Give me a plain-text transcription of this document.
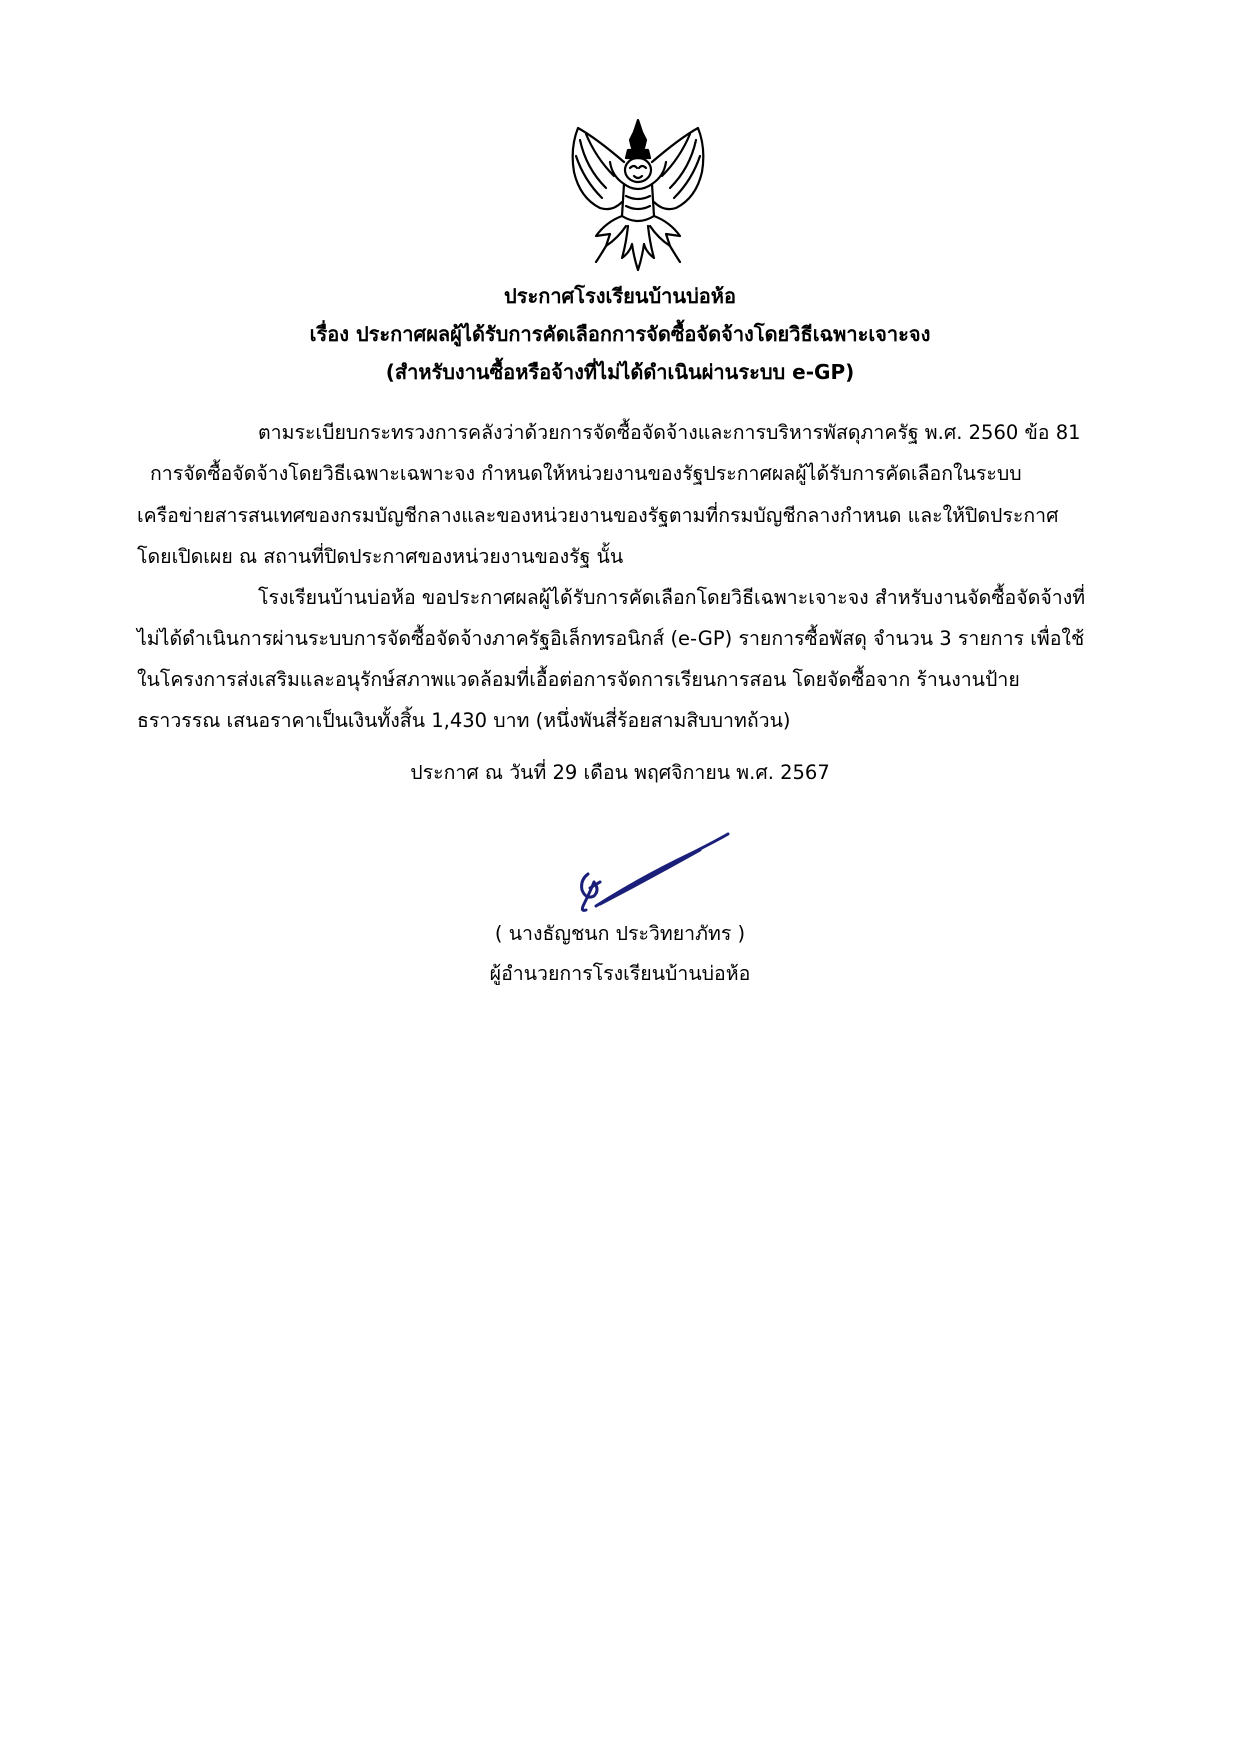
ประกาศโรงเรียนบ้านบ่อห้อ
เรื่อง ประกาศผลผู้ได้รับการคัดเลือกการจัดซื้อจัดจ้างโดยวิธีเฉพาะเจาะจง
(สำหรับงานซื้อหรือจ้างที่ไม่ได้ดำเนินผ่านระบบ e-GP)
ตามระเบียบกระทรวงการคลังว่าด้วยการจัดซื้อจัดจ้างและการบริหารพัสดุภาครัฐ พ.ศ. 2560 ข้อ 81
การจัดซื้อจัดจ้างโดยวิธีเฉพาะเฉพาะจง กำหนดให้หน่วยงานของรัฐประกาศผลผู้ได้รับการคัดเลือกในระบบ
เครือข่ายสารสนเทศของกรมบัญชีกลางและของหน่วยงานของรัฐตามที่กรมบัญชีกลางกำหนด และให้ปิดประกาศ
โดยเปิดเผย ณ สถานที่ปิดประกาศของหน่วยงานของรัฐ นั้น
โรงเรียนบ้านบ่อห้อ ขอประกาศผลผู้ได้รับการคัดเลือกโดยวิธีเฉพาะเจาะจง สำหรับงานจัดซื้อจัดจ้างที่
ไม่ได้ดำเนินการผ่านระบบการจัดซื้อจัดจ้างภาครัฐอิเล็กทรอนิกส์ (e-GP) รายการซื้อพัสดุ จำนวน 3 รายการ เพื่อใช้
ในโครงการส่งเสริมและอนุรักษ์สภาพแวดล้อมที่เอื้อต่อการจัดการเรียนการสอน โดยจัดซื้อจาก ร้านงานป้าย
ธราวรรณ เสนอราคาเป็นเงินทั้งสิ้น 1,430 บาท (หนึ่งพันสี่ร้อยสามสิบบาทถ้วน)
ประกาศ ณ วันที่ 29 เดือน พฤศจิกายน พ.ศ. 2567
( นางธัญชนก ประวิทยาภัทร )
ผู้อำนวยการโรงเรียนบ้านบ่อห้อ
